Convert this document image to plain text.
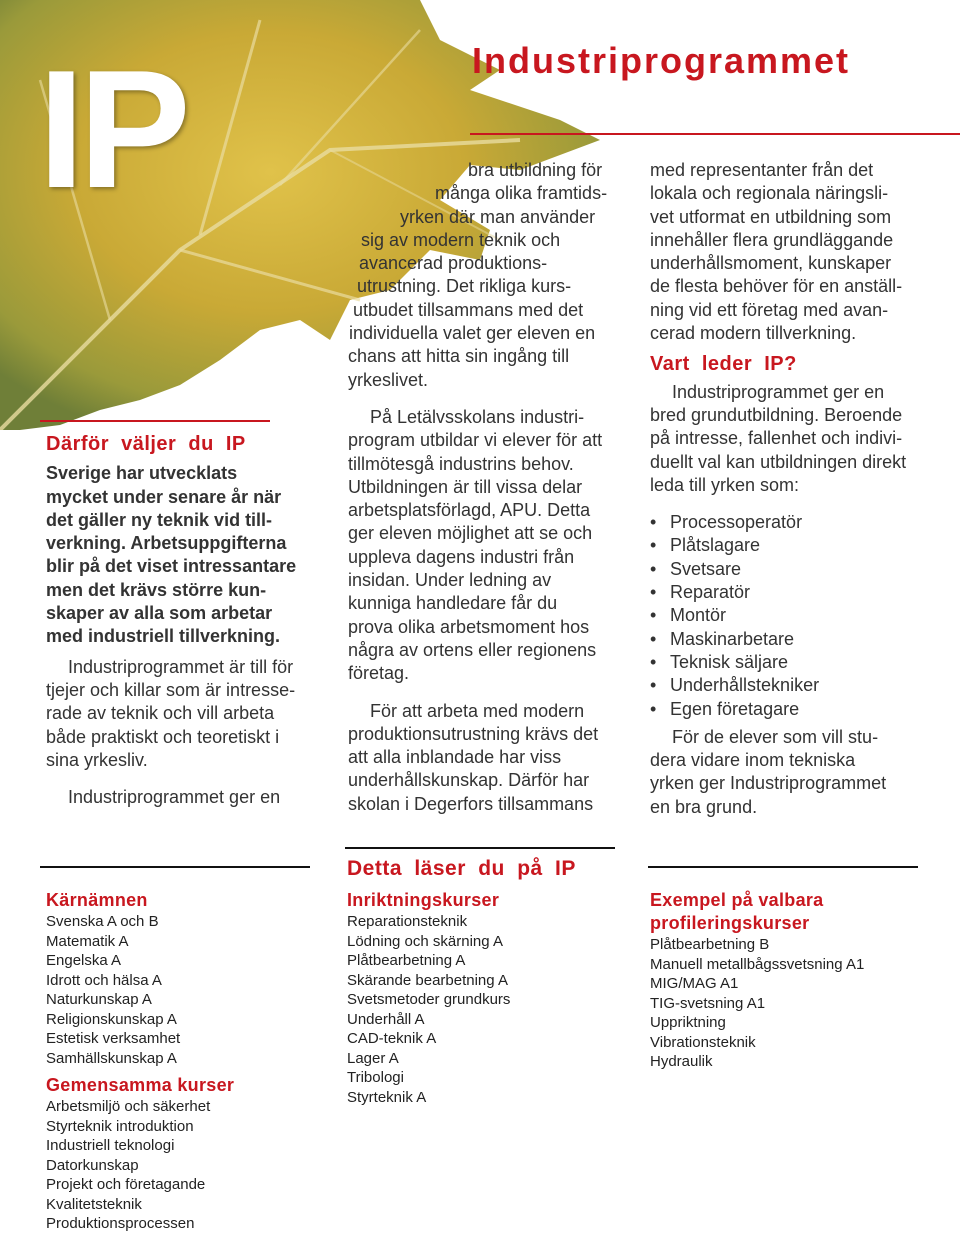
IP	Industriprogrammet
Därför väljer du IP
Sverige har utvecklats
mycket under senare år när
det gäller ny teknik vid till-
verkning. Arbetsuppgifterna
blir på det viset intressantare
men det krävs större kun-
skaper av alla som arbetar
med industriell tillverkning.
Industriprogrammet är till för
tjejer och killar som är intresse-
rade av teknik och vill arbeta
både praktiskt och teoretiskt i
sina yrkesliv.
Industriprogrammet ger en
bra utbildning för
många olika framtids-
yrken där man använder
sig av modern teknik och
avancerad produktions-
utrustning. Det rikliga kurs-
utbudet tillsammans med det
individuella valet ger eleven en
chans att hitta sin ingång till
yrkeslivet.
På Letälvsskolans industri-
program utbildar vi elever för att
tillmötesgå industrins behov.
Utbildningen är till vissa delar
arbetsplatsförlagd, APU. Detta
ger eleven möjlighet att se och
uppleva dagens industri från
insidan. Under ledning av
kunniga handledare får du
prova olika arbetsmoment hos
några av ortens eller regionens
företag.
För att arbeta med modern
produktionsutrustning krävs det
att alla inblandade har viss
underhållskunskap. Därför har
skolan i Degerfors tillsammans
med representanter från det
lokala och regionala näringsli-
vet utformat en utbildning som
innehåller flera grundläggande
underhållsmoment, kunskaper
de flesta behöver för en anställ-
ning vid ett företag med avan-
cerad modern tillverkning.
Vart leder IP?
Industriprogrammet ger en
bred grundutbildning. Beroende
på intresse, fallenhet och indivi-
duellt val kan utbildningen direkt
leda till yrken som:
• Processoperatör
• Plåtslagare
• Svetsare
• Reparatör
• Montör
• Maskinarbetare
• Teknisk säljare
• Underhållstekniker
• Egen företagare
För de elever som vill stu-
dera vidare inom tekniska
yrken ger Industriprogrammet
en bra grund.
Detta läser du på IP
Kärnämnen
Svenska A och B
Matematik A
Engelska A
Idrott och hälsa A
Naturkunskap A
Religionskunskap A
Estetisk verksamhet
Samhällskunskap A
Gemensamma kurser
Arbetsmiljö och säkerhet
Styrteknik introduktion
Industriell teknologi
Datorkunskap
Projekt och företagande
Kvalitetsteknik
Produktionsprocessen
Inriktningskurser
Reparationsteknik
Lödning och skärning A
Plåtbearbetning A
Skärande bearbetning A
Svetsmetoder grundkurs
Underhåll A
CAD-teknik A
Lager A
Tribologi
Styrteknik A
Exempel på valbara
profileringskurser
Plåtbearbetning B
Manuell metallbågssvetsning A1
MIG/MAG A1
TIG-svetsning A1
Uppriktning
Vibrationsteknik
Hydraulik
